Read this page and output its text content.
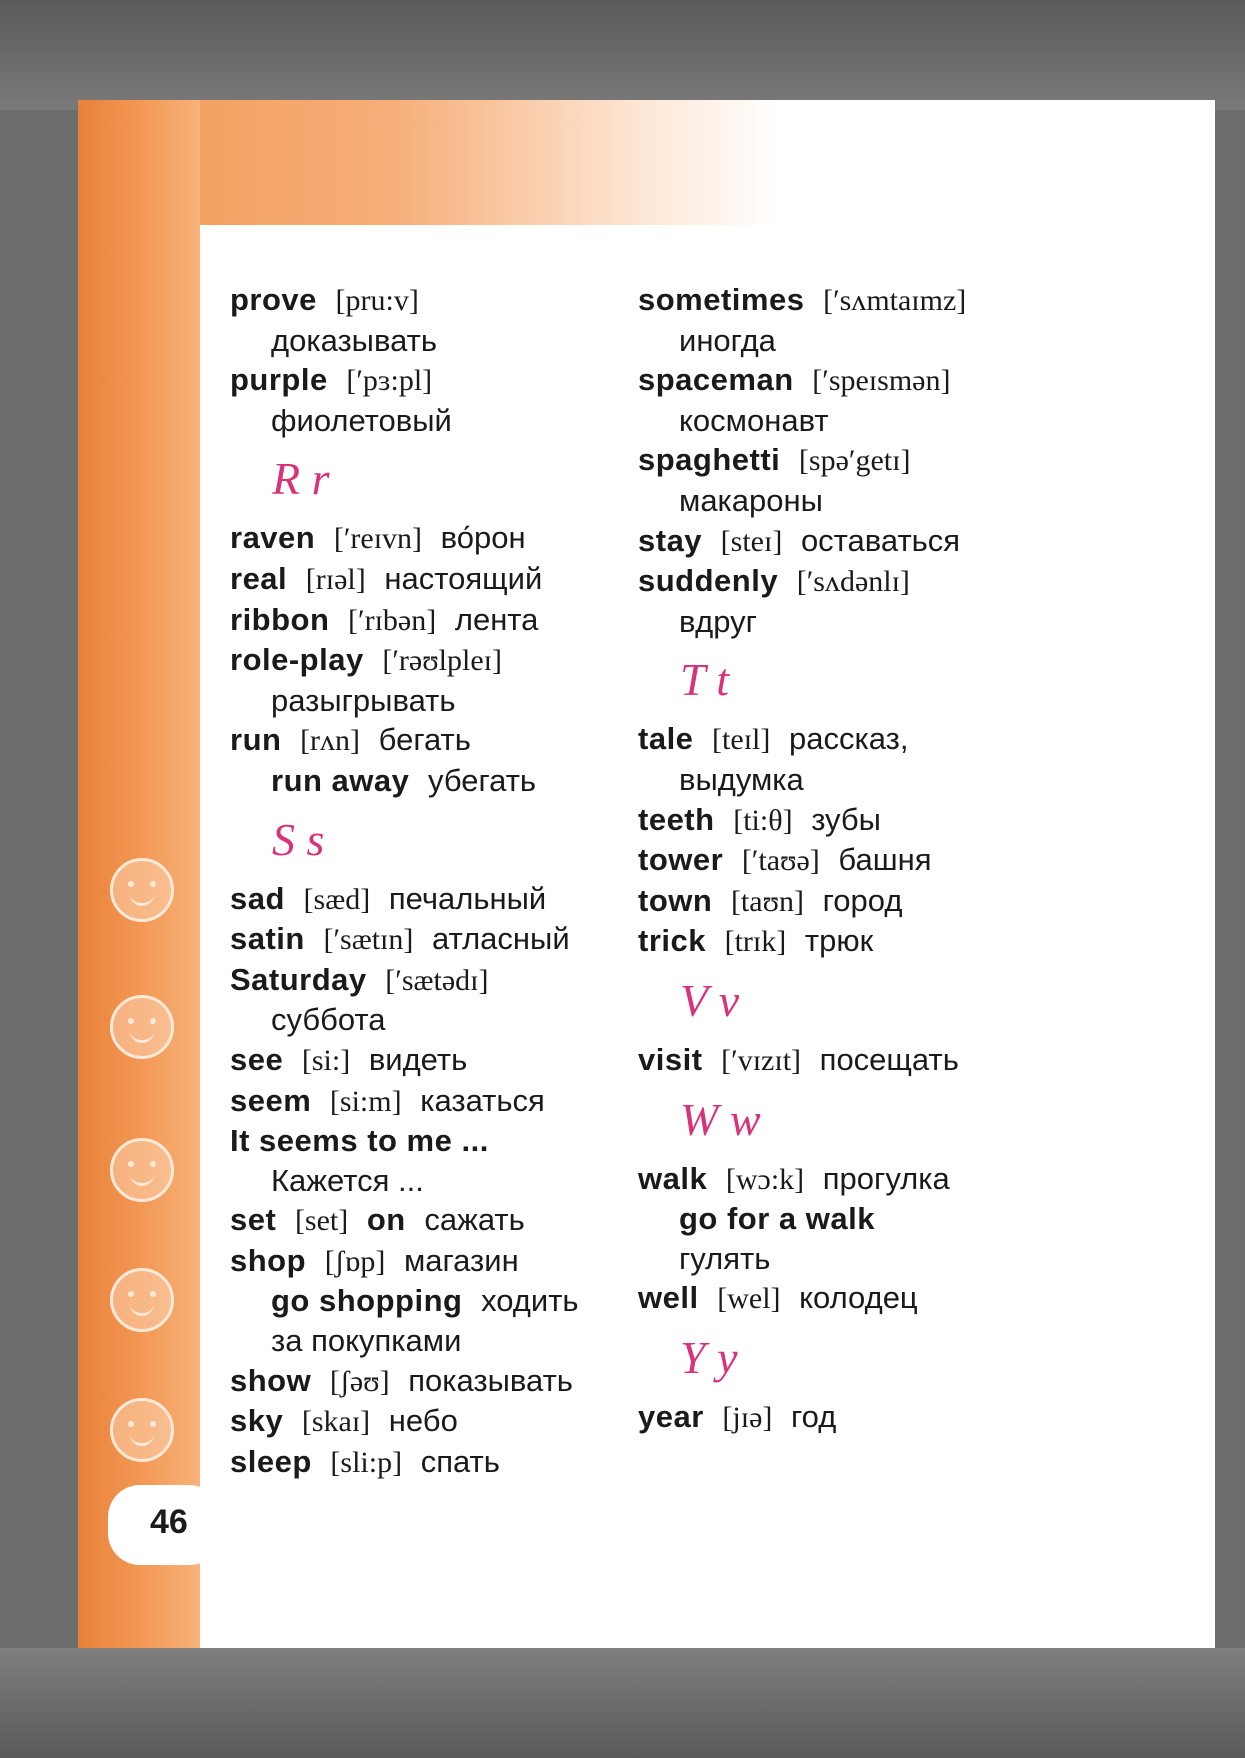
46
prove [pru:v]
доказывать
purple [ʹpɜ:pl]
фиолетовый
R r
raven [ʹreɪvn] во́рон
real [rɪəl] настоящий
ribbon [ʹrɪbən] лента
role-play [ʹrəʊlpleɪ]
разыгрывать
run [rʌn] бегать
run away убегать
S s
sad [sæd] печальный
satin [ʹsætɪn] атласный
Saturday [ʹsætədɪ]
суббота
see [si:] видеть
seem [si:m] казаться
It seems to me ...
Кажется ...
set [set] on сажать
shop [ʃɒp] магазин
go shopping ходить
за покупками
show [ʃəʊ] показывать
sky [skaɪ] небо
sleep [sli:p] спать
sometimes [ʹsʌmtaɪmz]
иногда
spaceman [ʹspeɪsmən]
космонавт
spaghetti [spəʹgetɪ]
макароны
stay [steɪ] оставаться
suddenly [ʹsʌdənlɪ]
вдруг
T t
tale [teɪl] рассказ,
выдумка
teeth [ti:θ] зубы
tower [ʹtaʊə] башня
town [taʊn] город
trick [trɪk] трюк
V v
visit [ʹvɪzɪt] посещать
W w
walk [wɔ:k] прогулка
go for a walk
гулять
well [wel] колодец
Y y
year [jɪə] год
